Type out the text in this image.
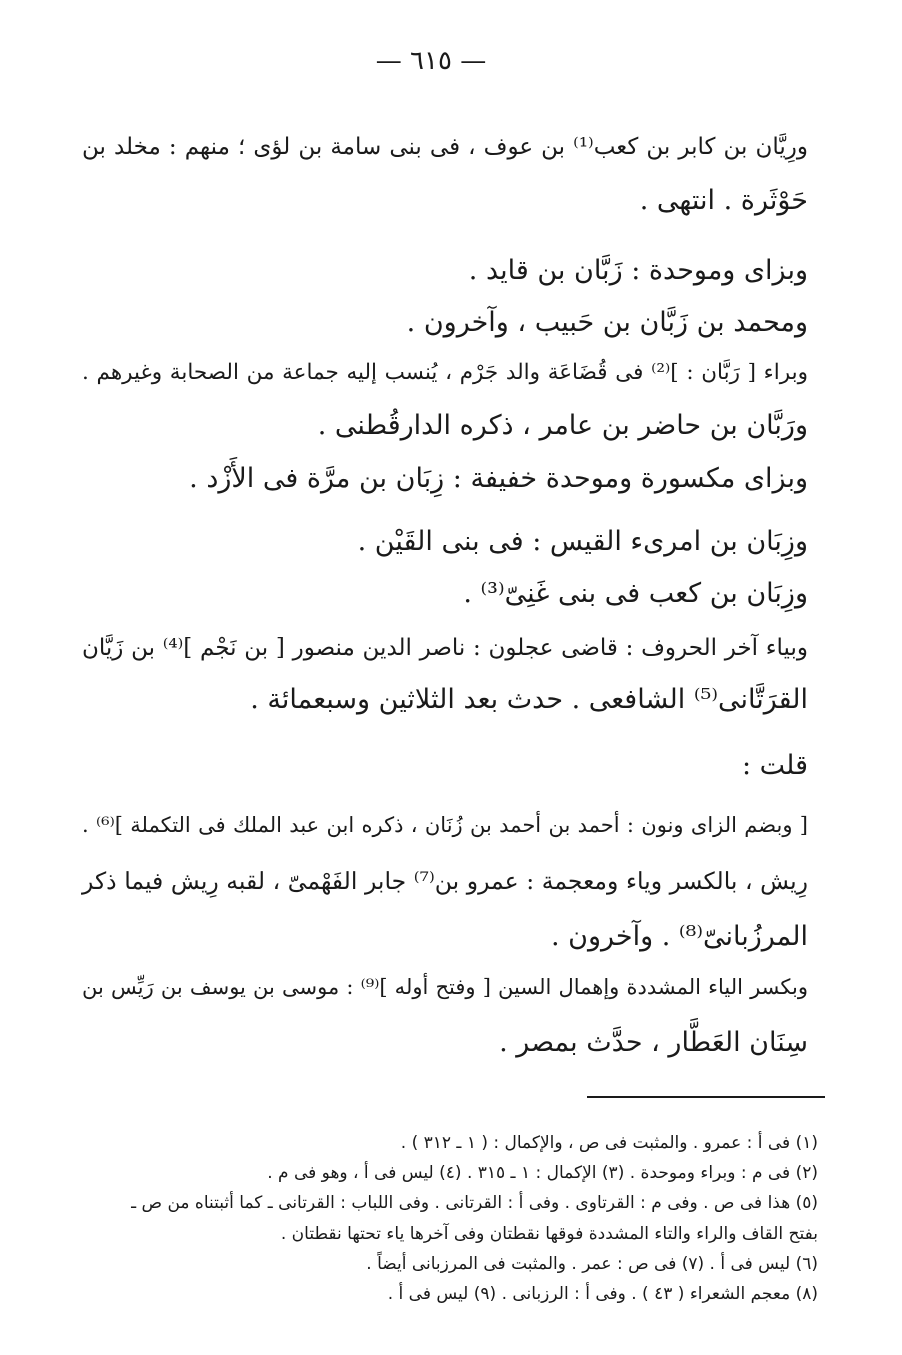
— ٦١٥ —
ورِيَّان بن كابر بن كعب⁽¹⁾ بن عوف ، فى بنى سامة بن لؤى ؛ منهم : مخلد بن
حَوْثَرة . انتهى .
وبزاى وموحدة : زَبَّان بن قايد .
ومحمد بن زَبَّان بن حَبيب ، وآخرون .
وبراء [ رَبَّان : ]⁽²⁾ فى قُضَاعَة والد جَرْم ، يُنسب إليه جماعة من الصحابة وغيرهم .
ورَبَّان بن حاضر بن عامر ، ذكره الدارقُطنى .
وبزاى مكسورة وموحدة خفيفة : زِبَان بن مرَّة فى الأَزْد .
وزِبَان بن امرىء القيس : فى بنى القَيْن .
وزِبَان بن كعب فى بنى غَنِىّ⁽³⁾ .
وبياء آخر الحروف : قاضى عجلون : ناصر الدين منصور [ بن نَجْم ]⁽⁴⁾ بن زَيَّان
القرَتَّانى⁽⁵⁾ الشافعى . حدث بعد الثلاثين وسبعمائة .
قلت :
[ وبضم الزاى ونون : أحمد بن أحمد بن زُنَان ، ذكره ابن عبد الملك فى التكملة ]⁽⁶⁾ .
رِيش ، بالكسر وياء ومعجمة : عمرو بن⁽⁷⁾ جابر الفَهْمىّ ، لقبه رِيش فيما ذكر
المرزُبانىّ⁽⁸⁾ . وآخرون .
وبكسر الياء المشددة وإهمال السين [ وفتح أوله ]⁽⁹⁾ : موسى بن يوسف بن رَيِّس بن
سِنَان العَطَّار ، حدَّث بمصر .
(١) فى أ : عمرو . والمثبت فى ص ، والإكمال : ( ١ ـ ٣١٢ ) .
(٢) فى م : وبراء وموحدة . (٣) الإكمال : ١ ـ ٣١٥ . (٤) ليس فى أ ، وهو فى م .
(٥) هذا فى ص . وفى م : القرتاوى . وفى أ : القرتانى . وفى اللباب : القرتانى ـ كما أثبتناه من ص ـ
بفتح القاف والراء والتاء المشددة فوقها نقطتان وفى آخرها ياء تحتها نقطتان .
(٦) ليس فى أ . (٧) فى ص : عمر . والمثبت فى المرزبانى أيضاً .
(٨) معجم الشعراء ( ٤٣ ) . وفى أ : الرزبانى . (٩) ليس فى أ .
